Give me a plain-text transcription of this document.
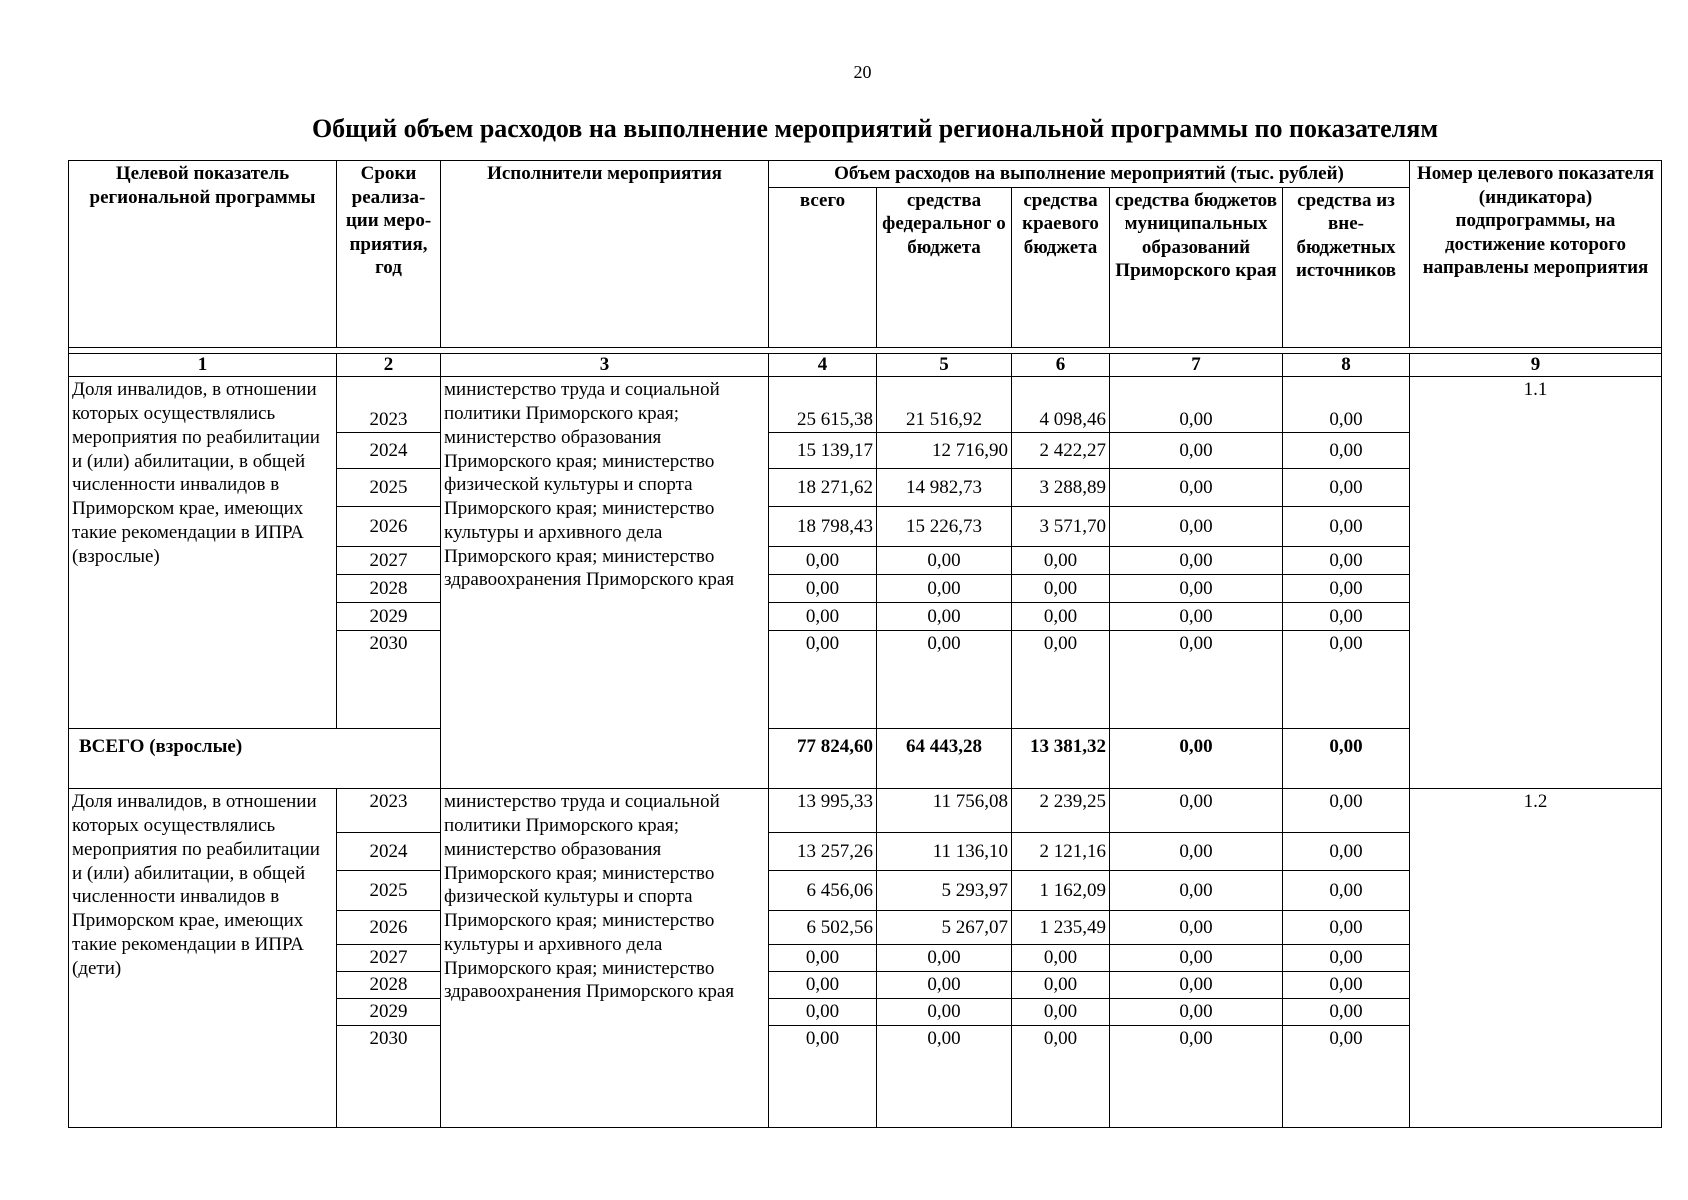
20
Общий объем расходов на выполнение мероприятий региональной программы по показателям
Целевой показатель региональной программы	Сроки реализа-ции меро-приятия, год	Исполнители мероприятия	Объем расходов на выполнение мероприятий (тыс. рублей)					Номер целевого показателя (индикатора) подпрограммы, на достижение которого направлены мероприятия
			всего	средства федеральног о бюджета	средства краевого бюджета	средства бюджетов муниципальных образований Приморского края	средства из вне-бюджетных источников	

1	2	3	4	5	6	7	8	9
Доля инвалидов, в отношении которых осуществлялись мероприятия по реабилитации и (или) абилитации, в общей численности инвалидов в Приморском крае, имеющих такие рекомендации в ИПРА (взрослые)	2023	министерство труда и социальной политики Приморского края; министерство образования Приморского края; министерство физической культуры и спорта Приморского края; министерство культуры и архивного дела Приморского края; министерство здравоохранения Приморского края	25 615,38	21 516,92	4 098,46	0,00	0,00	1.1
	2024		15 139,17	12 716,90	2 422,27	0,00	0,00	
	2025		18 271,62	14 982,73	3 288,89	0,00	0,00	
	2026		18 798,43	15 226,73	3 571,70	0,00	0,00	
	2027		0,00	0,00	0,00	0,00	0,00	
	2028		0,00	0,00	0,00	0,00	0,00	
	2029		0,00	0,00	0,00	0,00	0,00	
	2030		0,00	0,00	0,00	0,00	0,00	
ВСЕГО (взрослые)			77 824,60	64 443,28	13 381,32	0,00	0,00	
Доля инвалидов, в отношении которых осуществлялись мероприятия по реабилитации и (или) абилитации, в общей численности инвалидов в Приморском крае, имеющих такие рекомендации в ИПРА (дети)	2023	министерство труда и социальной политики Приморского края; министерство образования Приморского края; министерство физической культуры и спорта Приморского края; министерство культуры и архивного дела Приморского края; министерство здравоохранения Приморского края	13 995,33	11 756,08	2 239,25	0,00	0,00	1.2
	2024		13 257,26	11 136,10	2 121,16	0,00	0,00	
	2025		6 456,06	5 293,97	1 162,09	0,00	0,00	
	2026		6 502,56	5 267,07	1 235,49	0,00	0,00	
	2027		0,00	0,00	0,00	0,00	0,00	
	2028		0,00	0,00	0,00	0,00	0,00	
	2029		0,00	0,00	0,00	0,00	0,00	
	2030		0,00	0,00	0,00	0,00	0,00	
